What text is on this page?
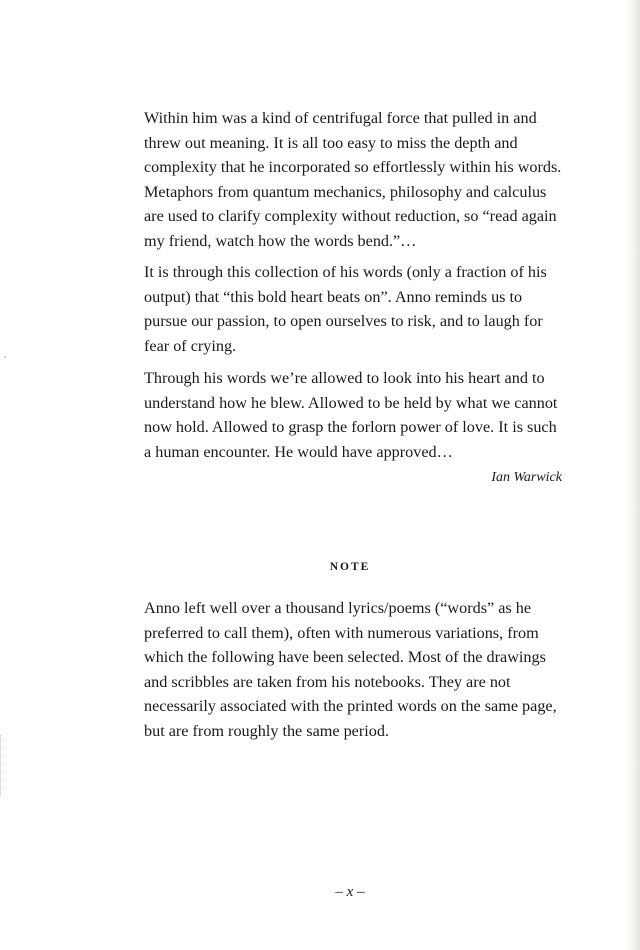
Within him was a kind of centrifugal force that pulled in and threw out meaning. It is all too easy to miss the depth and complexity that he incorporated so effortlessly within his words. Metaphors from quantum mechanics, philosophy and calculus are used to clarify complexity without reduction, so “read again my friend, watch how the words bend.”…

It is through this collection of his words (only a fraction of his output) that “this bold heart beats on”. Anno reminds us to pursue our passion, to open ourselves to risk, and to laugh for fear of crying.

Through his words we’re allowed to look into his heart and to understand how he blew. Allowed to be held by what we cannot now hold. Allowed to grasp the forlorn power of love. It is such a human encounter. He would have approved…

Ian Warwick

NOTE

Anno left well over a thousand lyrics/poems (“words” as he preferred to call them), often with numerous variations, from which the following have been selected. Most of the drawings and scribbles are taken from his notebooks. They are not necessarily associated with the printed words on the same page, but are from roughly the same period.

– x –
